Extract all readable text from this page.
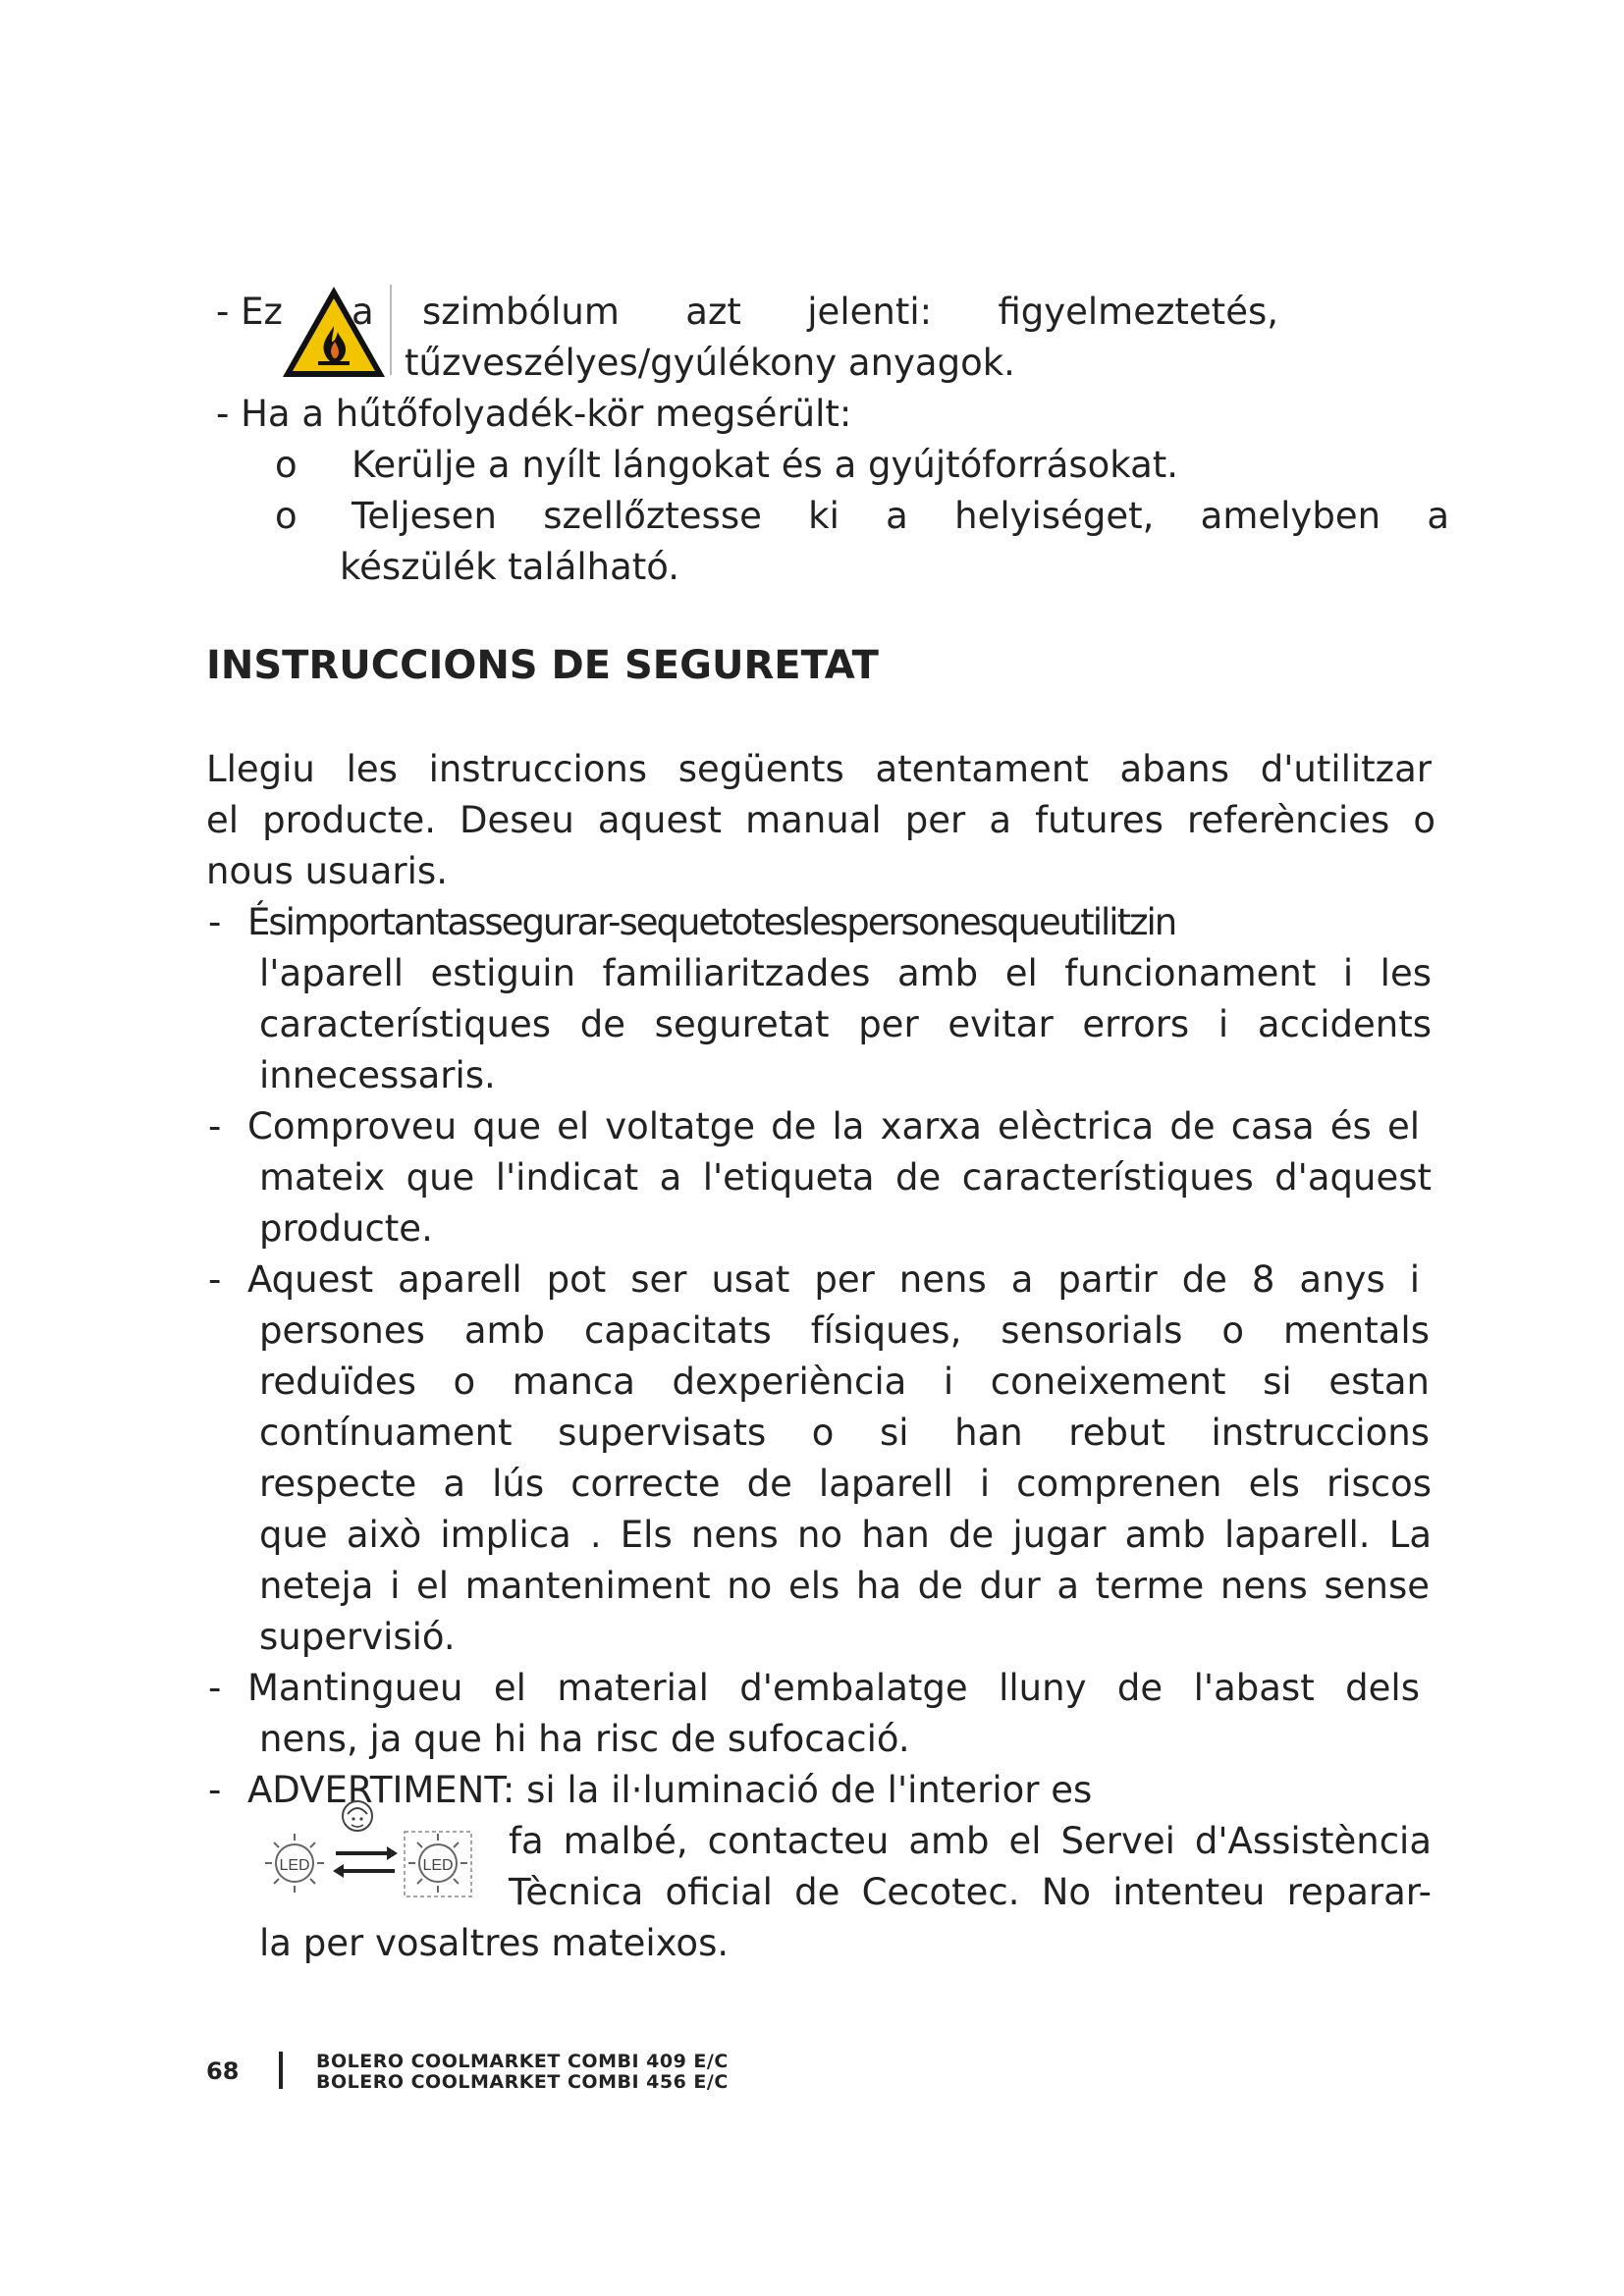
- Ez a szimbólum azt jelenti: figyelmeztetés,
tűzveszélyes/gyúlékony anyagok.
- Ha a hűtőfolyadék-kör megsérült:
o Kerülje a nyílt lángokat és a gyújtóforrásokat.
o Teljesen szellőztesse ki a helyiséget, amelyben a
készülék található.
INSTRUCCIONS DE SEGURETAT
Llegiu les instruccions següents atentament abans d'utilitzar
el producte. Deseu aquest manual per a futures referències o
nous usuaris.
- Ésimportantassegurar-sequetoteslespersonesqueutilitzin
l'aparell estiguin familiaritzades amb el funcionament i les
característiques de seguretat per evitar errors i accidents
innecessaris.
- Comproveu que el voltatge de la xarxa elèctrica de casa és el
mateix que l'indicat a l'etiqueta de característiques d'aquest
producte.
- Aquest aparell pot ser usat per nens a partir de 8 anys i
persones amb capacitats físiques, sensorials o mentals
reduïdes o manca dexperiència i coneixement si estan
contínuament supervisats o si han rebut instruccions
respecte a lús correcte de laparell i comprenen els riscos
que això implica . Els nens no han de jugar amb laparell. La
neteja i el manteniment no els ha de dur a terme nens sense
supervisió.
- Mantingueu el material d'embalatge lluny de l'abast dels
nens, ja que hi ha risc de sufocació.
- ADVERTIMENT: si la il·luminació de l'interior es
LED	LED
fa malbé, contacteu amb el Servei d'Assistència
Tècnica oficial de Cecotec. No intenteu reparar-
la per vosaltres mateixos.
68	BOLERO COOLMARKET COMBI 409 E/C
BOLERO COOLMARKET COMBI 456 E/C
